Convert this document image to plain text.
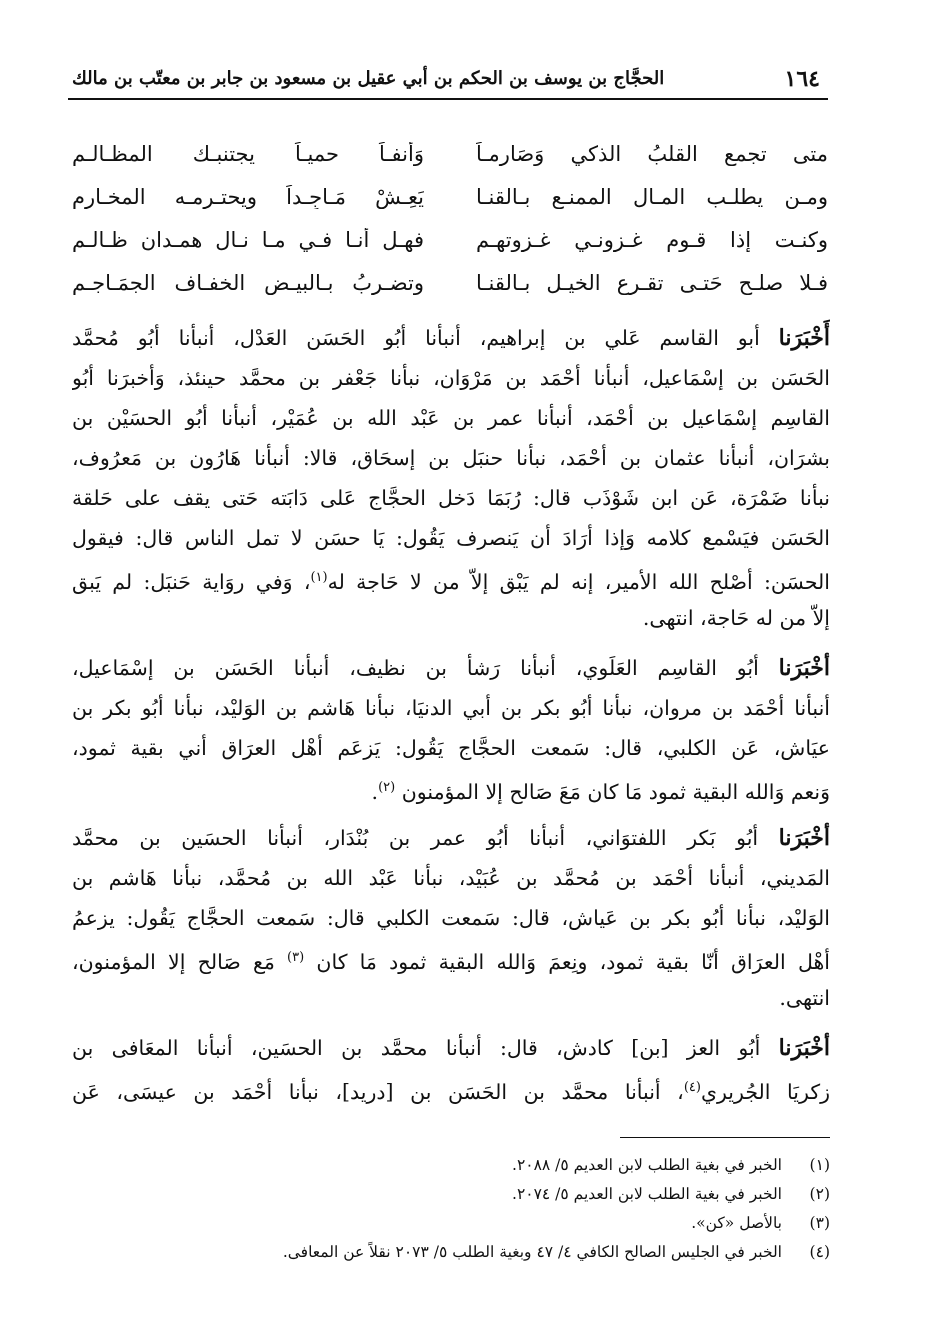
١٦٤
الحجَّاج بن يوسف بن الحكم بن أبي عقيل بن مسعود بن جابر بن معتّب بن مالك
متى تجمع القلبُ الذكي وَصَارِمـاً
وَأنفـاً حميـاً يجتنبـك المظـالـم
ومـن يطلـب المـال الممنـع بـالقنـا
يَعِـشْ مَـاجِـداً ويحتـرمـه المخـارم
وكنـت إذا قـوم غـزونـي غـزوتهـم
فهـل أنـا فـي مـا نـال همـدان ظـالـم
فـلا صلـح حَتـى تقـرع الخيـل بـالقنـا
وتضـربُ بـالبيـض الخفـاف الجمَـاجـم
أَخْبَرَنا أبو القاسم عَلي بن إبراهيم، أنبأنا أبُو الحَسَن العَدْل، أنبأنا أبُو مُحمَّد
الحَسَن بن إسْمَاعيل، أنبأنا أحْمَد بن مَرْوَان، نبأنا جَعْفر بن محمَّد حينئذ، وَأخبرَنا أبُو
القاسِم إسْمَاعيل بن أحْمَد، أنبأنا عمر بن عَبْد الله بن عُمَيْر، أنبأنا أبُو الحسَيْن بن
بشرَان، أنبأنا عثمان بن أحْمَد، نبأنا حنبَل بن إسحَاق، قالا: أنبأنا هَارُون بن مَعرُوف،
نبأنا ضَمْرَة، عَن ابن شَوْذَب قال: رُبَمَا دَخل الحجَّاج عَلى دَابَته حَتى يقف على حَلقة
الحَسَن فيَسْمع كلامه وَإذا أرَادَ أن يَنصرف يَقُول: يَا حسَن لا تمل الناس قال: فيقول
الحسَن: أصْلح الله الأمير، إنه لم يَبْق إلاّ من لا حَاجة له$^{(١)}$، وَفي روَاية حَنبَل: لم يَبق
إلاّ من له حَاجة، انتهى.
أخْبَرَنا أبُو القاسِم العَلَوي، أنبأنا رَشأ بن نظيف، أنبأنا الحَسَن بن إسْمَاعيل،
أنبأنا أحْمَد بن مروان، نبأنا أبُو بكر بن أبي الدنيَا، نبأنا هَاشم بن الوَليْد، نبأنا أبُو بكر بن
عيَاش، عَن الكلبي، قال: سَمعت الحجَّاج يَقُول: يَزعَم أهْل العرَاق أني بقية ثمود،
وَنعم وَالله البقية ثمود مَا كان مَعَ صَالح إلا المؤمنون $^{(٢)}$.
أخْبَرَنا أبُو بَكر اللفتوَاني، أنبأنا أبُو عمر بن بُنْدَار، أنبأنا الحسَين بن محمَّد
المَديني، أنبأنا أحْمَد بن مُحمَّد بن عُبَيْد، نبأنا عَبْد الله بن مُحمَّد، نبأنا هَاشم بن
الوَليْد، نبأنا أبُو بكر بن عَياش، قال: سَمعت الكلبي قال: سَمعت الحجَّاج يَقُول: يزعمُ
أهْل العرَاق أنّا بقية ثمود، ونِعمَ وَالله البقية ثمود مَا كان $^{(٣)}$ مَع صَالح إلا المؤمنون،
انتهى.
أخْبَرَنا أبُو العز [بن] كادش، قال: أنبأنا محمَّد بن الحسَين، أنبأنا المعَافى بن
زكريَا الجُريري$^{(٤)}$، أنبأنا محمَّد بن الحَسَن بن [دريد]، نبأنا أحْمَد بن عيسَى، عَن
(١)
الخبر في بغية الطلب لابن العديم ٥/ ٢٠٨٨.
(٢)
الخبر في بغية الطلب لابن العديم ٥/ ٢٠٧٤.
(٣)
بالأصل «كن».
(٤)
الخبر في الجليس الصالح الكافي ٤/ ٤٧ وبغية الطلب ٥/ ٢٠٧٣ نقلاً عن المعافى.
